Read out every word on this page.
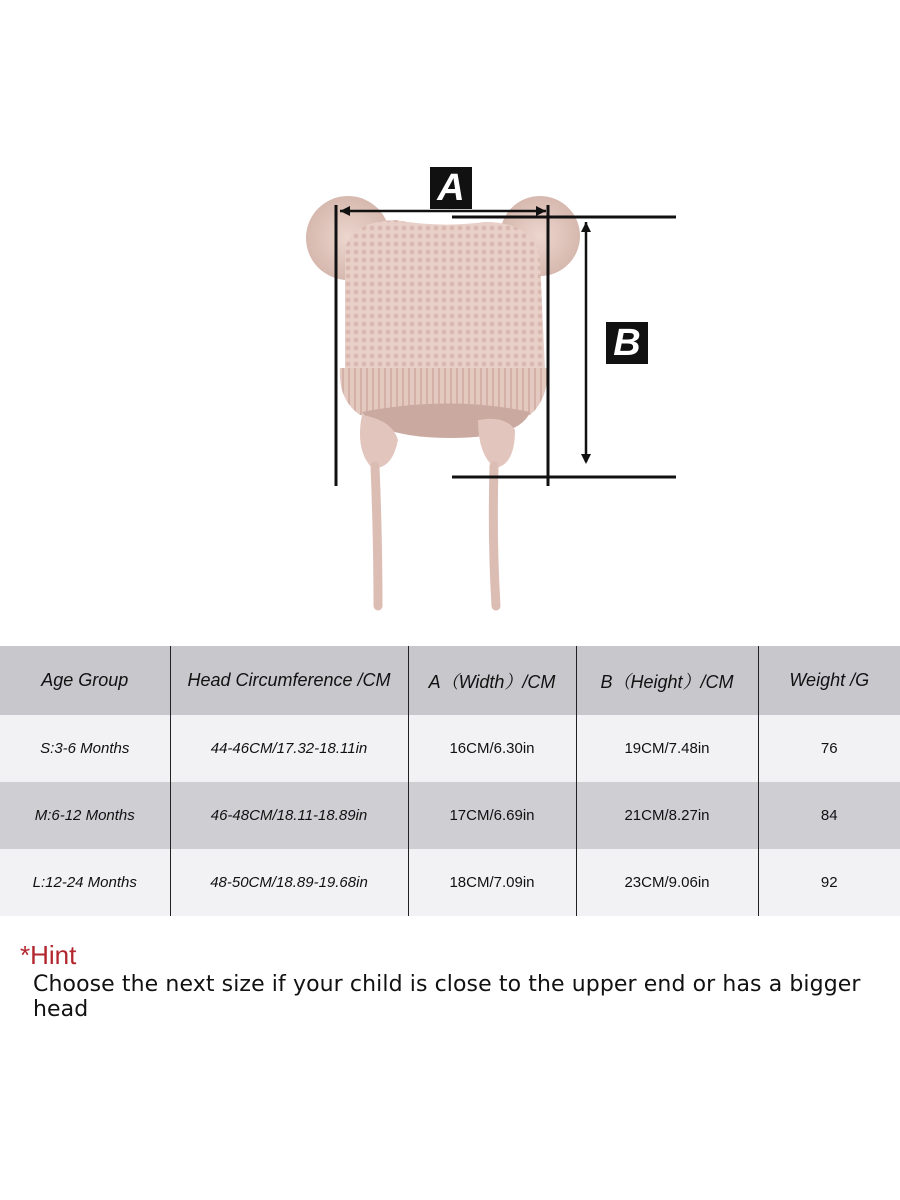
A
B
Age Group	Head Circumference /CM	A（Width）/CM	B（Height）/CM	Weight /G
S:3-6 Months	44-46CM/17.32-18.11in	16CM/6.30in	19CM/7.48in	76
M:6-12 Months	46-48CM/18.11-18.89in	17CM/6.69in	21CM/8.27in	84
L:12-24 Months	48-50CM/18.89-19.68in	18CM/7.09in	23CM/9.06in	92
*Hint
Choose the next size if your child is close to the upper end or has a bigger head
